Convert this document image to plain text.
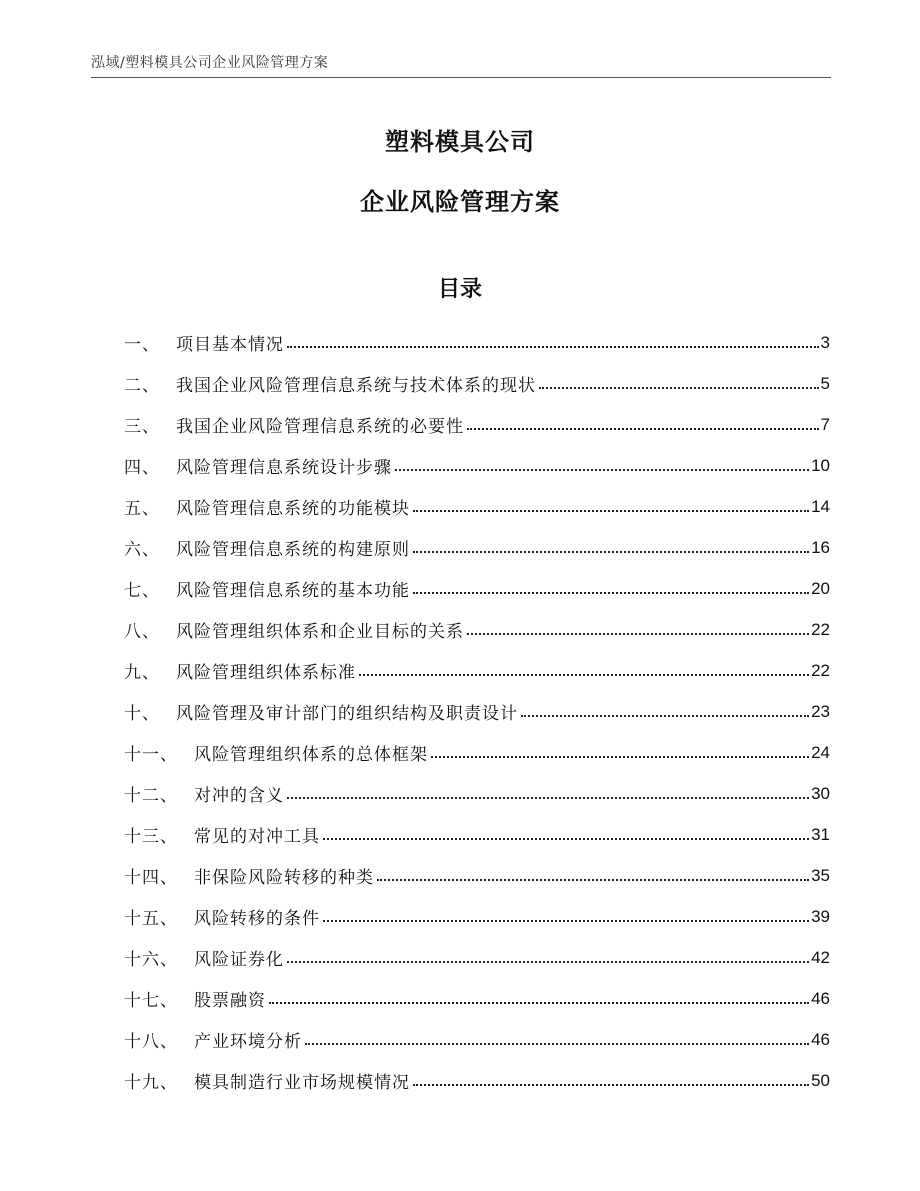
泓域/塑料模具公司企业风险管理方案
塑料模具公司
企业风险管理方案
目录
一、 项目基本情况	3
二、 我国企业风险管理信息系统与技术体系的现状	5
三、 我国企业风险管理信息系统的必要性	7
四、 风险管理信息系统设计步骤	10
五、 风险管理信息系统的功能模块	14
六、 风险管理信息系统的构建原则	16
七、 风险管理信息系统的基本功能	20
八、 风险管理组织体系和企业目标的关系	22
九、 风险管理组织体系标准	22
十、 风险管理及审计部门的组织结构及职责设计	23
十一、 风险管理组织体系的总体框架	24
十二、 对冲的含义	30
十三、 常见的对冲工具	31
十四、 非保险风险转移的种类	35
十五、 风险转移的条件	39
十六、 风险证券化	42
十七、 股票融资	46
十八、 产业环境分析	46
十九、 模具制造行业市场规模情况	50
